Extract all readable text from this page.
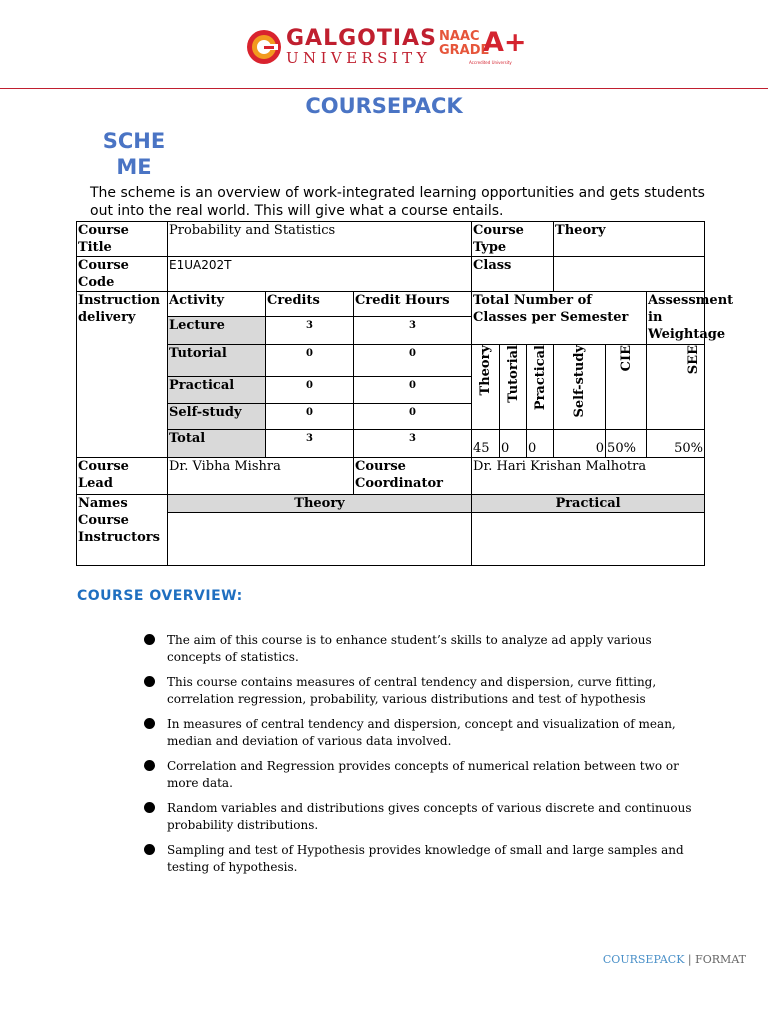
GALGOTIAS
UNIVERSITY
NAAC
GRADE
A+
Accredited University
COURSEPACK
SCHE
ME
The scheme is an overview of work-integrated learning opportunities and gets students out into the real world. This will give what a course entails.
Course Title	Probability and Statistics			Course Type			Theory		
Course Code	E1UA202T			Class					
Instruction delivery	Activity	Credits	Credit Hours	Total Number of Classes per Semester					Assessment in Weightage
	Lecture	3	3						
	Tutorial	0	0	Theory	Tutorial	Practical	Self-study	CIE	SEE
	Practical	0	0						
	Self-study	0	0						
	Total	3	3	45	0	0	0	50%	50%
Course Lead	Dr. Vibha Mishra		Course Coordinator	Dr. Hari Krishan Malhotra					
Names Course Instructors	Theory			Practical					

COURSE OVERVIEW:
The aim of this course is to enhance student’s skills to analyze ad apply various concepts of statistics.
This course contains measures of central tendency and dispersion, curve fitting, correlation regression, probability, various distributions and test of hypothesis
In measures of central tendency and dispersion, concept and visualization of mean, median and deviation of various data involved.
Correlation and Regression provides concepts of numerical relation between two or more data.
Random variables and distributions gives concepts of various discrete and continuous probability distributions.
Sampling and test of Hypothesis provides knowledge of small and large samples and testing of hypothesis.
COURSEPACK | FORMAT
